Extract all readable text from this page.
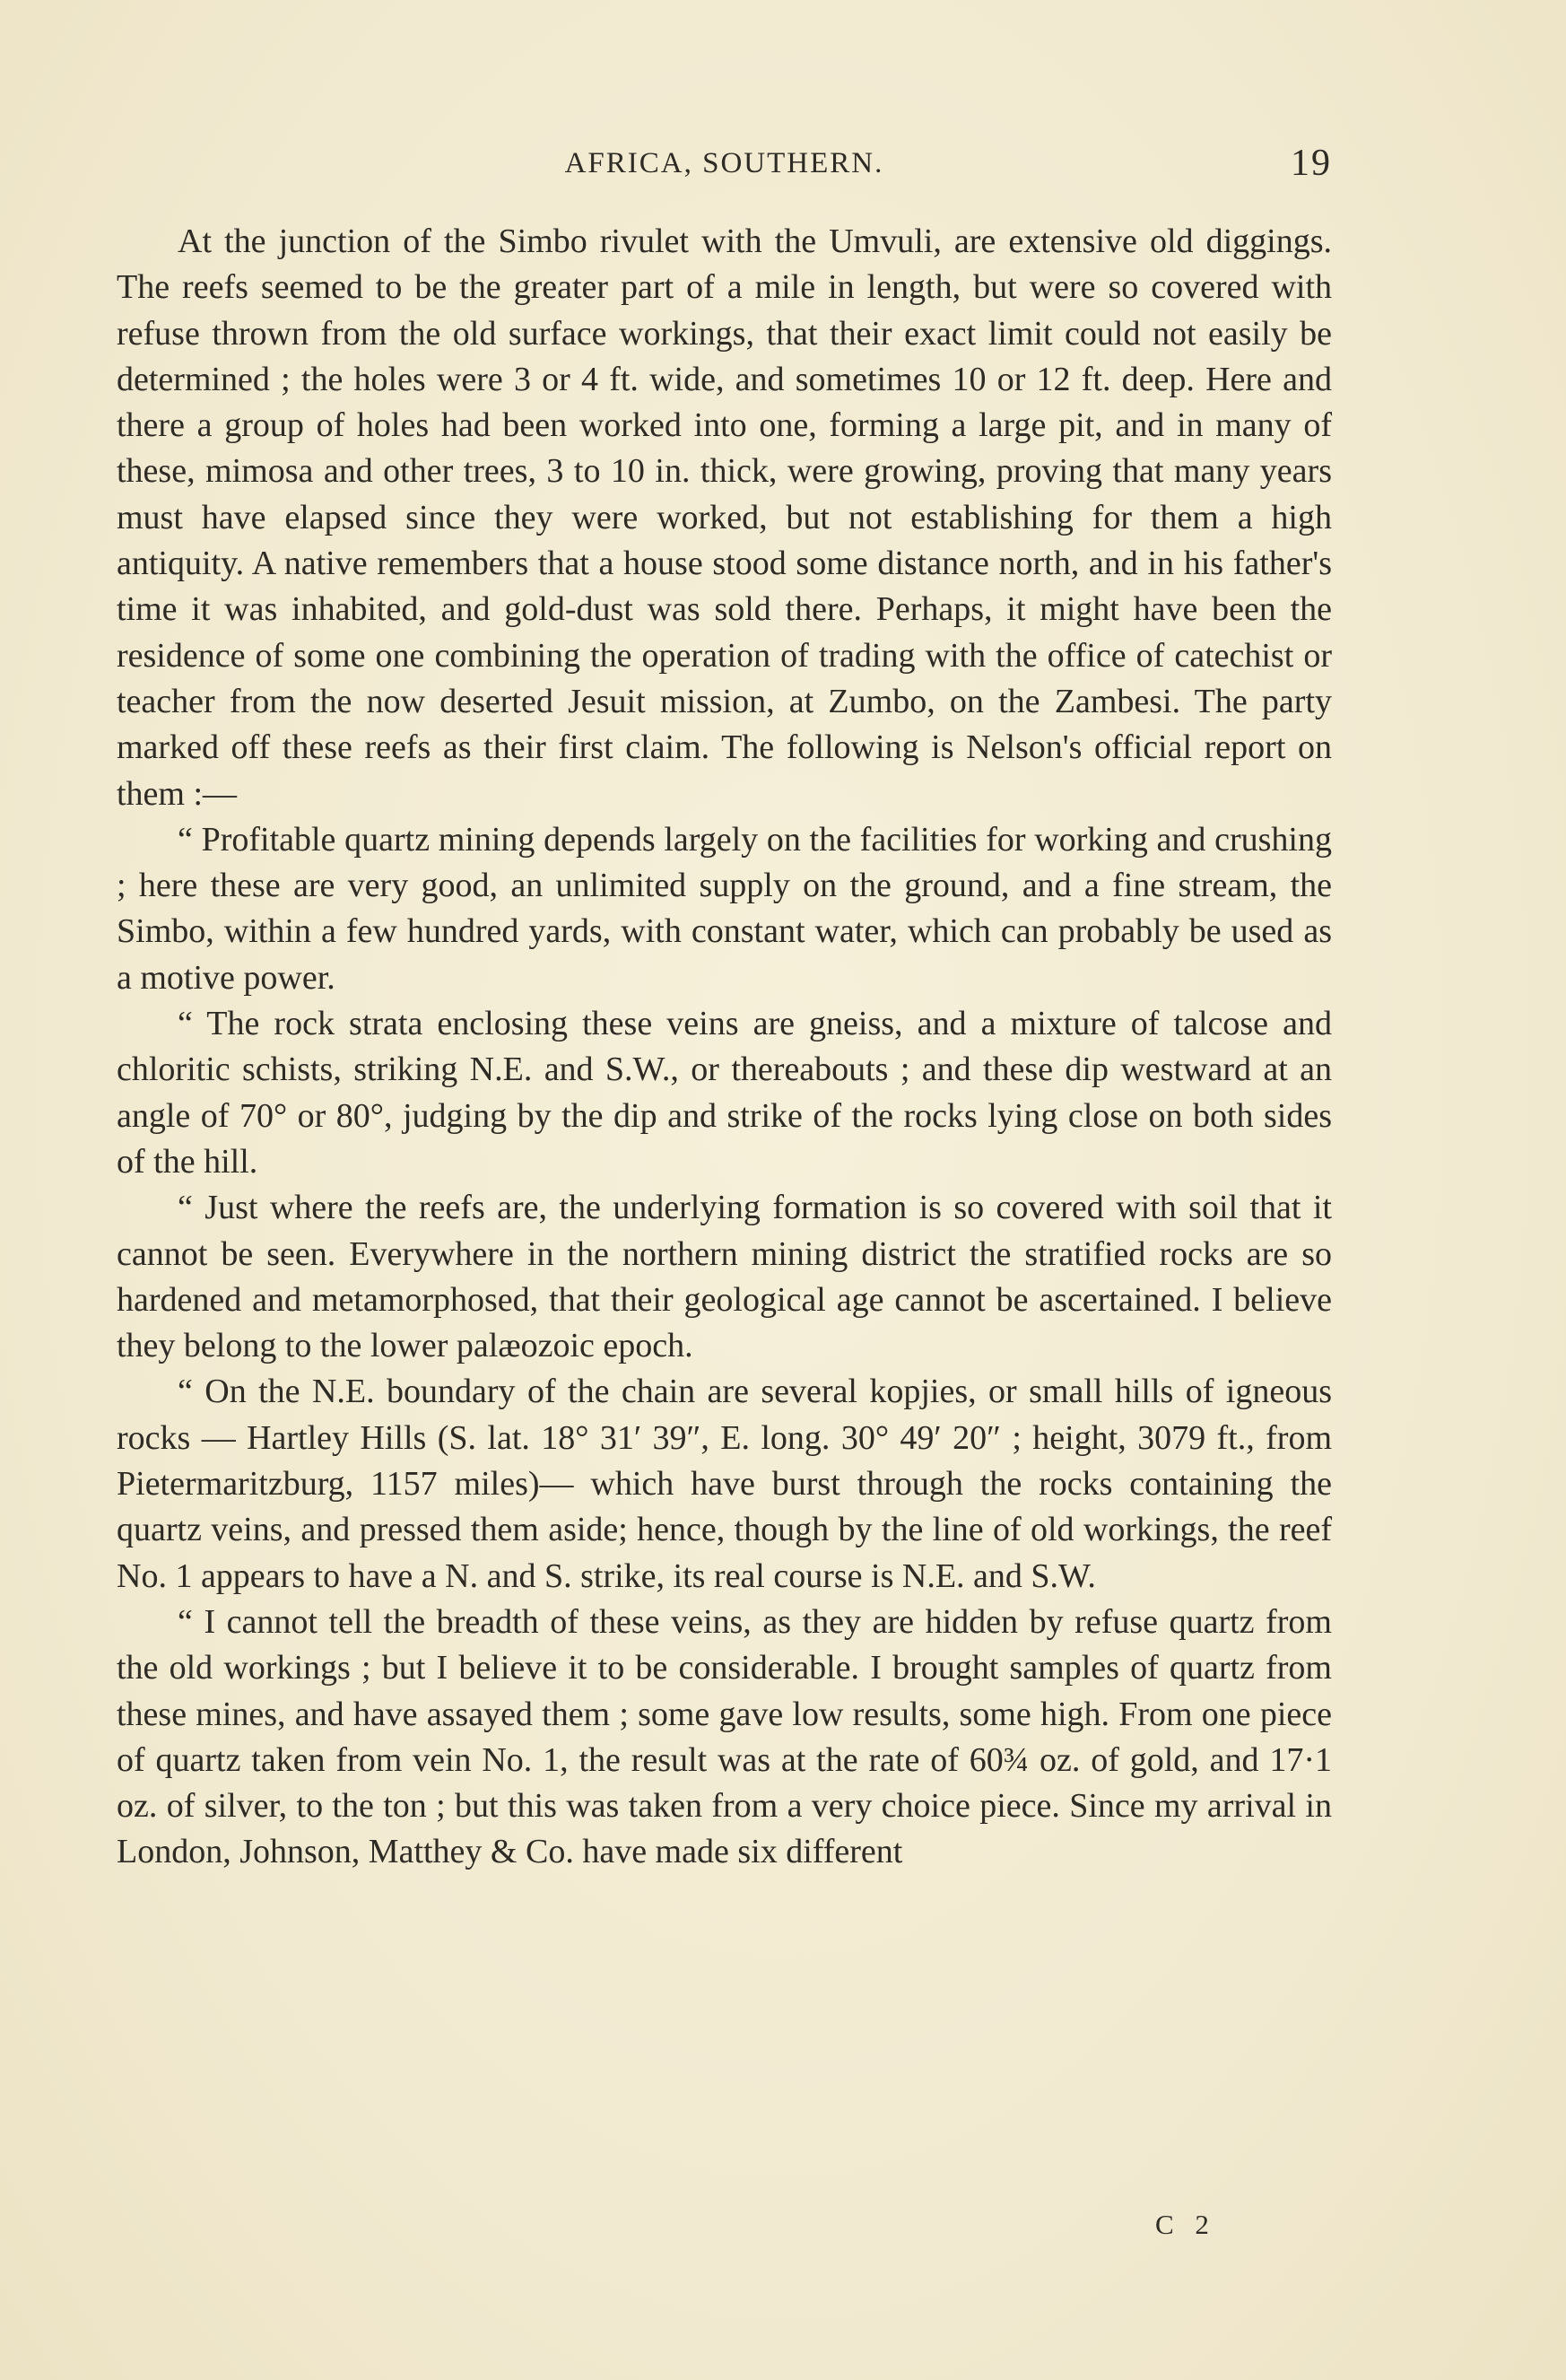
AFRICA, SOUTHERN.	19

At the junction of the Simbo rivulet with the Umvuli, are extensive old diggings. The reefs seemed to be the greater part of a mile in length, but were so covered with refuse thrown from the old surface workings, that their exact limit could not easily be determined ; the holes were 3 or 4 ft. wide, and sometimes 10 or 12 ft. deep. Here and there a group of holes had been worked into one, forming a large pit, and in many of these, mimosa and other trees, 3 to 10 in. thick, were growing, proving that many years must have elapsed since they were worked, but not establishing for them a high antiquity. A native remembers that a house stood some distance north, and in his father's time it was inhabited, and gold-dust was sold there. Perhaps, it might have been the residence of some one combining the operation of trading with the office of catechist or teacher from the now deserted Jesuit mission, at Zumbo, on the Zambesi. The party marked off these reefs as their first claim. The following is Nelson's official report on them :—

“ Profitable quartz mining depends largely on the facilities for working and crushing ; here these are very good, an unlimited supply on the ground, and a fine stream, the Simbo, within a few hundred yards, with constant water, which can probably be used as a motive power.

“ The rock strata enclosing these veins are gneiss, and a mixture of talcose and chloritic schists, striking N.E. and S.W., or thereabouts ; and these dip westward at an angle of 70° or 80°, judging by the dip and strike of the rocks lying close on both sides of the hill.

“ Just where the reefs are, the underlying formation is so covered with soil that it cannot be seen. Everywhere in the northern mining district the stratified rocks are so hardened and metamorphosed, that their geological age cannot be ascertained. I believe they belong to the lower palæozoic epoch.

“ On the N.E. boundary of the chain are several kopjies, or small hills of igneous rocks — Hartley Hills (S. lat. 18° 31′ 39″, E. long. 30° 49′ 20″ ; height, 3079 ft., from Pietermaritzburg, 1157 miles)— which have burst through the rocks containing the quartz veins, and pressed them aside; hence, though by the line of old workings, the reef No. 1 appears to have a N. and S. strike, its real course is N.E. and S.W.

“ I cannot tell the breadth of these veins, as they are hidden by refuse quartz from the old workings ; but I believe it to be considerable. I brought samples of quartz from these mines, and have assayed them ; some gave low results, some high. From one piece of quartz taken from vein No. 1, the result was at the rate of 60¾ oz. of gold, and 17·1 oz. of silver, to the ton ; but this was taken from a very choice piece. Since my arrival in London, Johnson, Matthey & Co. have made six different

C 2
